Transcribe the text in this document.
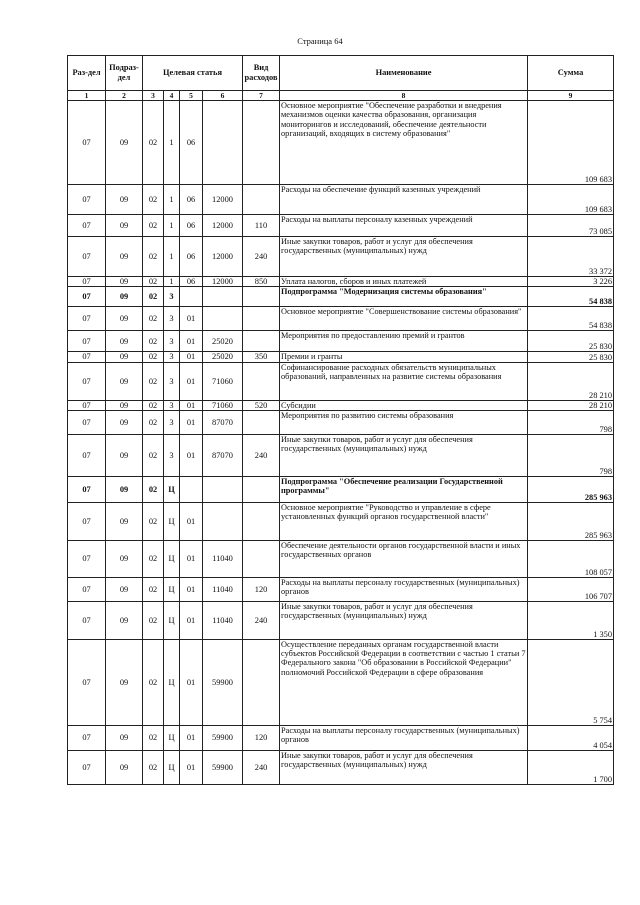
Страница 64
Раз-дел	Подраз-дел	Целевая статья				Вид расходов	Наименование	Сумма
1	2	3	4	5	6	7	8	9
07	09	02	1	06			Основное мероприятие "Обеспечение разработки и внедрения механизмов оценки качества образования, организация мониторингов и исследований, обеспечение деятельности организаций, входящих в систему образования"	109 683
07	09	02	1	06	12000		Расходы на обеспечение функций казенных учреждений	109 683
07	09	02	1	06	12000	110	Расходы на выплаты персоналу казенных учреждений	73 085
07	09	02	1	06	12000	240	Иные закупки товаров, работ и услуг для обеспечения государственных (муниципальных) нужд	33 372
07	09	02	1	06	12000	850	Уплата налогов, сборов и иных платежей	3 226
07	09	02	3				Подпрограмма "Модернизация системы образования"	54 838
07	09	02	3	01			Основное мероприятие "Совершенствование системы образования"	54 838
07	09	02	3	01	25020		Мероприятия по предоставлению премий и грантов	25 830
07	09	02	3	01	25020	350	Премии и гранты	25 830
07	09	02	3	01	71060		Софинансирование расходных обязательств муниципальных образований, направленных на развитие системы образования	28 210
07	09	02	3	01	71060	520	Субсидии	28 210
07	09	02	3	01	87070		Мероприятия по развитию системы образования	798
07	09	02	3	01	87070	240	Иные закупки товаров, работ и услуг для обеспечения государственных (муниципальных) нужд	798
07	09	02	Ц				Подпрограмма "Обеспечение реализации Государственной программы"	285 963
07	09	02	Ц	01			Основное мероприятие "Руководство и управление в сфере установленных функций органов государственной власти"	285 963
07	09	02	Ц	01	11040		Обеспечение деятельности органов государственной власти и иных государственных органов	108 057
07	09	02	Ц	01	11040	120	Расходы на выплаты персоналу государственных (муниципальных) органов	106 707
07	09	02	Ц	01	11040	240	Иные закупки товаров, работ и услуг для обеспечения государственных (муниципальных) нужд	1 350
07	09	02	Ц	01	59900		Осуществление переданных органам государственной власти субъектов Российской Федерации в соответствии с частью 1 статьи 7 Федерального закона "Об образовании в Российской Федерации" полномочий Российской Федерации в сфере образования	5 754
07	09	02	Ц	01	59900	120	Расходы на выплаты персоналу государственных (муниципальных) органов	4 054
07	09	02	Ц	01	59900	240	Иные закупки товаров, работ и услуг для обеспечения государственных (муниципальных) нужд	1 700
